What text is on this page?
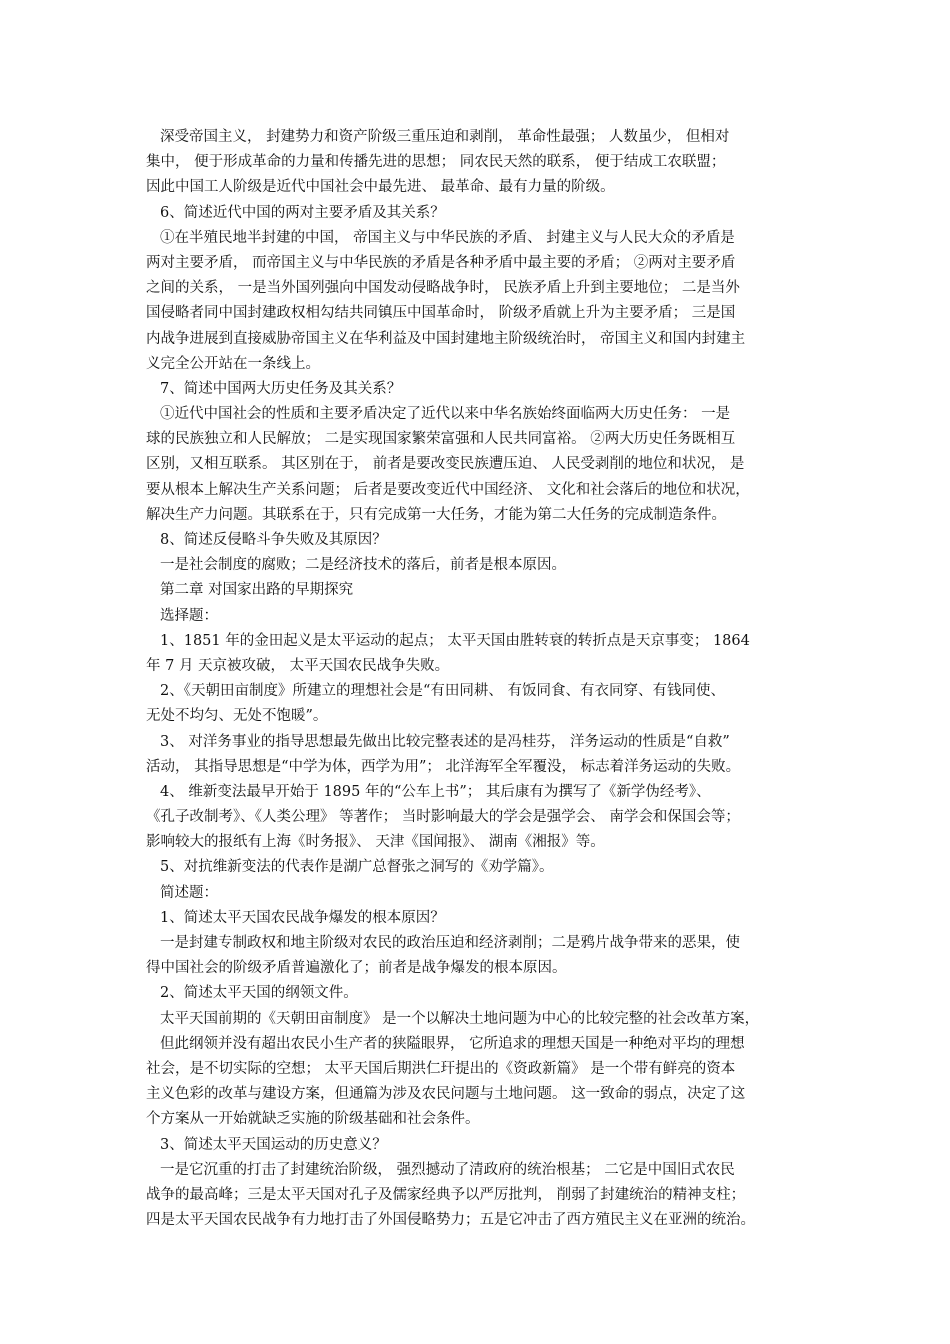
深受帝国主义， 封建势力和资产阶级三重压迫和剥削， 革命性最强； 人数虽少， 但相对
集中， 便于形成革命的力量和传播先进的思想； 同农民天然的联系， 便于结成工农联盟；
因此中国工人阶级是近代中国社会中最先进、 最革命、最有力量的阶级。
6、简述近代中国的两对主要矛盾及其关系？
①在半殖民地半封建的中国， 帝国主义与中华民族的矛盾、 封建主义与人民大众的矛盾是
两对主要矛盾， 而帝国主义与中华民族的矛盾是各种矛盾中最主要的矛盾； ②两对主要矛盾
之间的关系， 一是当外国列强向中国发动侵略战争时， 民族矛盾上升到主要地位； 二是当外
国侵略者同中国封建政权相勾结共同镇压中国革命时， 阶级矛盾就上升为主要矛盾； 三是国
内战争进展到直接威胁帝国主义在华利益及中国封建地主阶级统治时， 帝国主义和国内封建主
义完全公开站在一条线上。
7、简述中国两大历史任务及其关系？
①近代中国社会的性质和主要矛盾决定了近代以来中华名族始终面临两大历史任务： 一是
球的民族独立和人民解放； 二是实现国家繁荣富强和人民共同富裕。 ②两大历史任务既相互
区别，又相互联系。 其区别在于， 前者是要改变民族遭压迫、 人民受剥削的地位和状况， 是
要从根本上解决生产关系问题； 后者是要改变近代中国经济、 文化和社会落后的地位和状况，
解决生产力问题。其联系在于，只有完成第一大任务，才能为第二大任务的完成制造条件。
8、简述反侵略斗争失败及其原因？
一是社会制度的腐败；二是经济技术的落后，前者是根本原因。
第二章 对国家出路的早期探究
选择题：
1、1851 年的金田起义是太平运动的起点； 太平天国由胜转衰的转折点是天京事变； 1864
年 7 月 天京被攻破， 太平天国农民战争失败。
2、《天朝田亩制度》所建立的理想社会是“有田同耕、 有饭同食、有衣同穿、有钱同使、
无处不均匀、无处不饱暖”。
3、 对洋务事业的指导思想最先做出比较完整表述的是冯桂芬， 洋务运动的性质是“自救”
活动， 其指导思想是“中学为体，西学为用”； 北洋海军全军覆没， 标志着洋务运动的失败。
4、 维新变法最早开始于 1895 年的“公车上书”； 其后康有为撰写了《新学伪经考》、
《孔子改制考》、《人类公理》 等著作； 当时影响最大的学会是强学会、 南学会和保国会等；
影响较大的报纸有上海《时务报》、 天津《国闻报》、 湖南《湘报》等。
5、对抗维新变法的代表作是湖广总督张之洞写的《劝学篇》。
简述题：
1、简述太平天国农民战争爆发的根本原因？
一是封建专制政权和地主阶级对农民的政治压迫和经济剥削；二是鸦片战争带来的恶果，使
得中国社会的阶级矛盾普遍激化了；前者是战争爆发的根本原因。
2、简述太平天国的纲领文件。
太平天国前期的《天朝田亩制度》 是一个以解决土地问题为中心的比较完整的社会改革方案，
但此纲领并没有超出农民小生产者的狭隘眼界， 它所追求的理想天国是一种绝对平均的理想
社会，是不切实际的空想； 太平天国后期洪仁玕提出的《资政新篇》 是一个带有鲜亮的资本
主义色彩的改革与建设方案，但通篇为涉及农民问题与土地问题。 这一致命的弱点，决定了这
个方案从一开始就缺乏实施的阶级基础和社会条件。
3、简述太平天国运动的历史意义？
一是它沉重的打击了封建统治阶级， 强烈撼动了清政府的统治根基； 二它是中国旧式农民
战争的最高峰；三是太平天国对孔子及儒家经典予以严厉批判， 削弱了封建统治的精神支柱；
四是太平天国农民战争有力地打击了外国侵略势力；五是它冲击了西方殖民主义在亚洲的统治。
